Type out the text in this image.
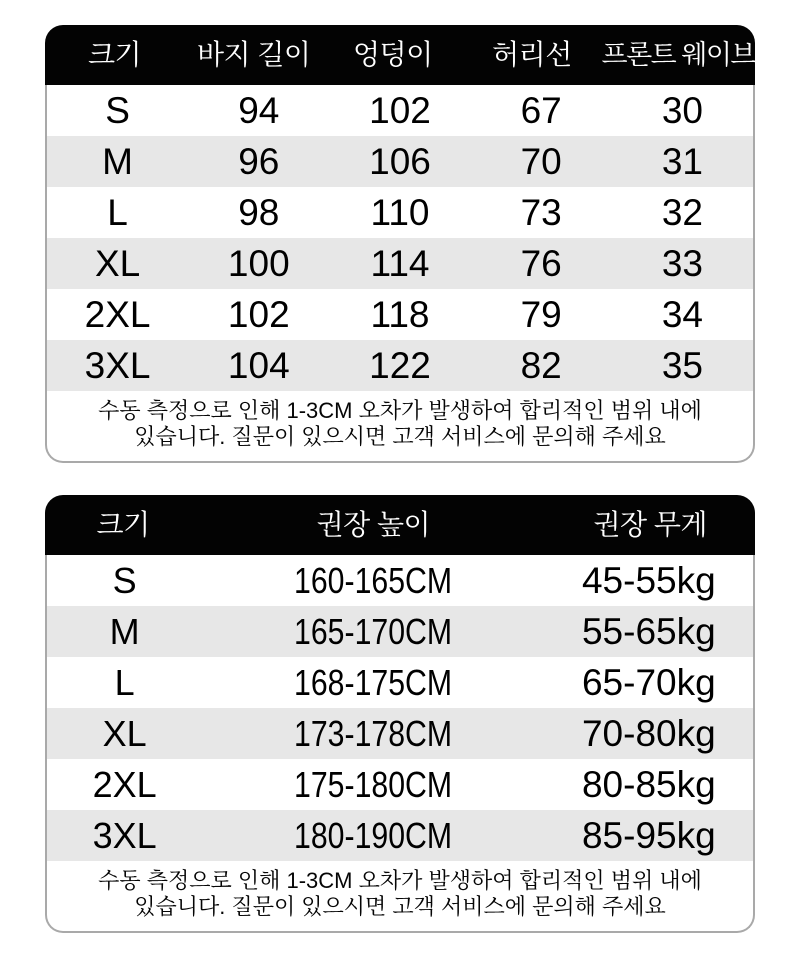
크기	바지 길이	엉덩이	허리선	프론트 웨이브
S	94	102	67	30
M	96	106	70	31
L	98	110	73	32
XL	100	114	76	33
2XL	102	118	79	34
3XL	104	122	82	35
수동 측정으로 인해 1-3CM 오차가 발생하여 합리적인 범위 내에
있습니다. 질문이 있으시면 고객 서비스에 문의해 주세요
크기	권장 높이	권장 무게
S	160-165CM	45-55kg
M	165-170CM	55-65kg
L	168-175CM	65-70kg
XL	173-178CM	70-80kg
2XL	175-180CM	80-85kg
3XL	180-190CM	85-95kg
수동 측정으로 인해 1-3CM 오차가 발생하여 합리적인 범위 내에
있습니다. 질문이 있으시면 고객 서비스에 문의해 주세요
